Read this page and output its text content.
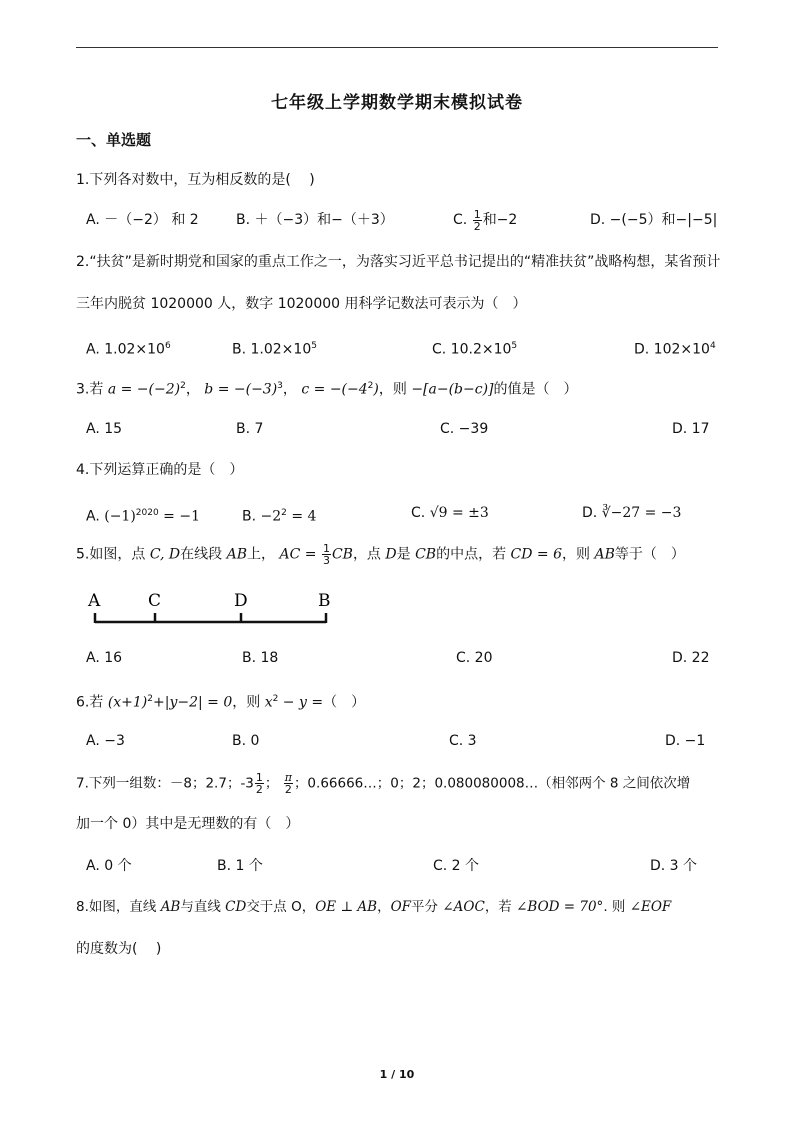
七年级上学期数学期末模拟试卷
一、单选题
1.下列各对数中，互为相反数的是(　 )
A. －（−2） 和 2	B. ＋（−3）和−（＋3）	C. $\frac{1}{2}$ 和−2	D. −(−5）和−|−5|
2.“扶贫”是新时期党和国家的重点工作之一，为落实习近平总书记提出的“精准扶贫”战略构想，某省预计
三年内脱贫 1020000 人，数字 1020000 用科学记数法可表示为（　）
A. $1.02\times 10^6$	B. $1.02\times 10^5$	C. $10.2\times 10^5$	D. $102\times 10^4$
3.若 $a = -(-2)^2$， $b = -(-3)^3$， $c = -(-4^2)$，则 −[a−(b−c)]的值是（　）
A. 15	B. 7	C. −39	D. 17
4.下列运算正确的是（　）
A. $(-1)^{2020} = -1$	B. $-2^2 = 4$	C. √9 = ±3	D. ∛−27 = −3
5.如图，点 C, D在线段 AB上， AC = $\frac{1}{3}$ CB，点 D是 CB的中点，若 CD = 6，则 AB等于（　）
A	C	D	B
A. 16	B. 18	C. 20	D. 22
6.若 $(x+1)^2+|y-2| = 0$，则 $x^2 - y$ =（　）
A. −3	B. 0	C. 3	D. −1
7.下列一组数：－8；2.7；$-3 \frac{1}{2}$ ； $\frac{\pi}{2}$ ；0.66666…；0；2；0.080080008…（相邻两个 8 之间依次增
加一个 0）其中是无理数的有（　）
A. 0 个	B. 1 个	C. 2 个	D. 3 个
8.如图，直线 AB与直线 CD交于点 O，OE ⊥ AB，OF平分 ∠AOC，若 ∠BOD = 70°. 则 ∠EOF
的度数为(　 )
1 / 10
